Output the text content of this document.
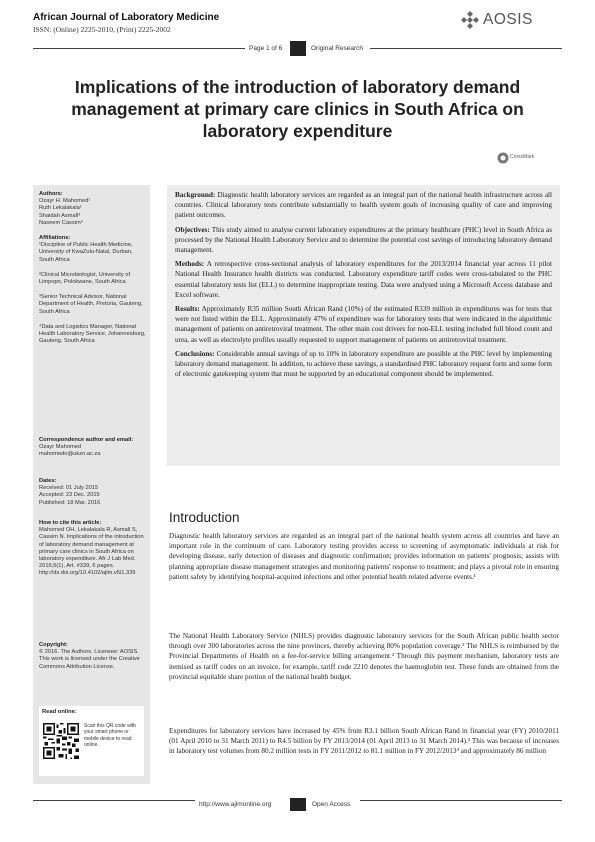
African Journal of Laboratory Medicine
ISSN: (Online) 2225-2010, (Print) 2225-2002
AOSIS
Page 1 of 6	Original Research
Implications of the introduction of laboratory demand management at primary care clinics in South Africa on laboratory expenditure
CrossMark
Authors:
Ozayr H. Mahomed¹
Ruth Lekalakala²
Shaidah Asmall³
Naseem Cassim⁴
Affiliations:
¹Discipline of Public Health Medicine, University of KwaZulu-Natal, Durban, South Africa
²Clinical Microbiologist, University of Limpopo, Polokwane, South Africa
³Senior Technical Advisor, National Department of Health, Pretoria, Gauteng, South Africa
⁴Data and Logistics Manager, National Health Laboratory Service, Johannesburg, Gauteng, South Africa
Correspondence author and email:
Ozayr Mahomed
mahomedo@ukzn.ac.za
Dates:
Received: 01 July 2015
Accepted: 23 Dec. 2015
Published: 18 Mar. 2016
How to cite this article:
Mahomed OH, Lekalakala R, Asmall S, Cassim N. Implications of the introduction of laboratory demand management at primary care clinics in South Africa on laboratory expenditure. Afr J Lab Med. 2016;5(1), Art. #339, 6 pages. http://dx.doi.org/10.4102/ajlm.v5i1.339
Copyright:
© 2016. The Authors. Licensee: AOSIS. This work is licensed under the Creative Commons Attribution License.
Read online:
Scan this QR code with your smart phone or mobile device to read online.

Background: Diagnostic health laboratory services are regarded as an integral part of the national health infrastructure across all countries. Clinical laboratory tests contribute substantially to health system goals of increasing quality of care and improving patient outcomes.

Objectives: This study aimed to analyse current laboratory expenditures at the primary healthcare (PHC) level in South Africa as processed by the National Health Laboratory Service and to determine the potential cost savings of introducing laboratory demand management.

Methods: A retrospective cross-sectional analysis of laboratory expenditures for the 2013/2014 financial year across 11 pilot National Health Insurance health districts was conducted. Laboratory expenditure tariff codes were cross-tabulated to the PHC essential laboratory tests list (ELL) to determine inappropriate testing. Data were analysed using a Microsoft Access database and Excel software.

Results: Approximately R35 million South African Rand (10%) of the estimated R339 million in expenditures was for tests that were not listed within the ELL. Approximately 47% of expenditure was for laboratory tests that were indicated in the algorithmic management of patients on antiretroviral treatment. The other main cost drivers for non-ELL testing included full blood count and urea, as well as electrolyte profiles usually requested to support management of patients on antiretroviral treatment.

Conclusions: Considerable annual savings of up to 10% in laboratory expenditure are possible at the PHC level by implementing laboratory demand management. In addition, to achieve these savings, a standardised PHC laboratory request form and some form of electronic gatekeeping system that must be supported by an educational component should be implemented.

Introduction
Diagnostic health laboratory services are regarded as an integral part of the national health system across all countries and have an important role in the continuum of care. Laboratory testing provides access to screening of asymptomatic individuals at risk for developing disease, early detection of diseases and diagnostic confirmation; provides information on patients' prognosis; assists with planning appropriate disease management strategies and monitoring patients' response to treatment; and plays a pivotal role in ensuring patient safety by identifying hospital-acquired infections and other potential health related adverse events.¹
The National Health Laboratory Service (NHLS) provides diagnostic laboratory services for the South African public health sector through over 300 laboratories across the nine provinces, thereby achieving 80% population coverage.² The NHLS is reimbursed by the Provincial Departments of Health on a fee-for-service billing arrangement.² Through this payment mechanism, laboratory tests are itemised as tariff codes on an invoice, for example, tariff code 2210 denotes the haemoglobin test. These funds are obtained from the provincial equitable share portion of the national health budget.
Expenditures for laboratory services have increased by 45% from R3.1 billion South African Rand in financial year (FY) 2010/2011 (01 April 2010 to 31 March 2011) to R4.5 billion by FY 2013/2014 (01 April 2013 to 31 March 2014).³ This was because of increases in laboratory test volumes from 80.2 million tests in FY 2011/2012 to 81.1 million in FY 2012/2013⁴ and approximately 86 million
http://www.ajlmonline.org	Open Access
